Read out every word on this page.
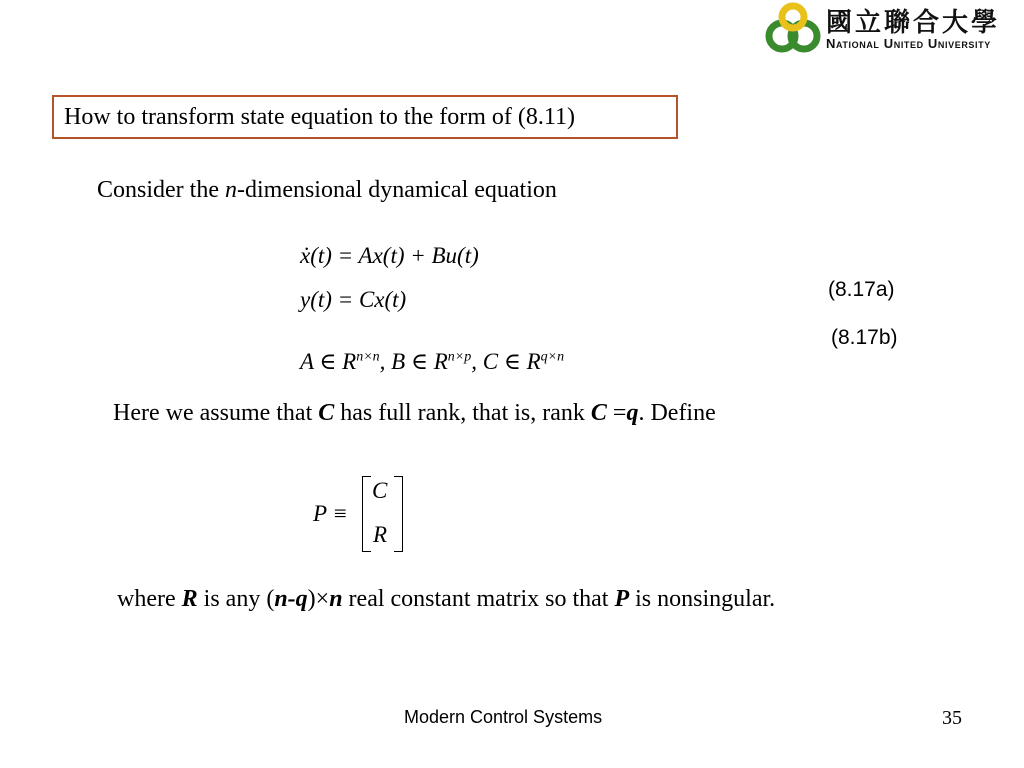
國立聯合大學
National United University
How to transform state equation to the form of (8.11)
Consider the n-dimensional dynamical equation
ẋ(t) = Ax(t) + Bu(t)
y(t) = Cx(t)	(8.17a)
(8.17b)
A ∈ $R^{n\times n}$, B ∈ $R^{n\times p}$, C ∈ $R^{q\times n}$
Here we assume that C has full rank, that is, rank C =q. Define
P ≡
C
R
where R is any (n-q)×n real constant matrix so that P is nonsingular.
Modern Control Systems	35
